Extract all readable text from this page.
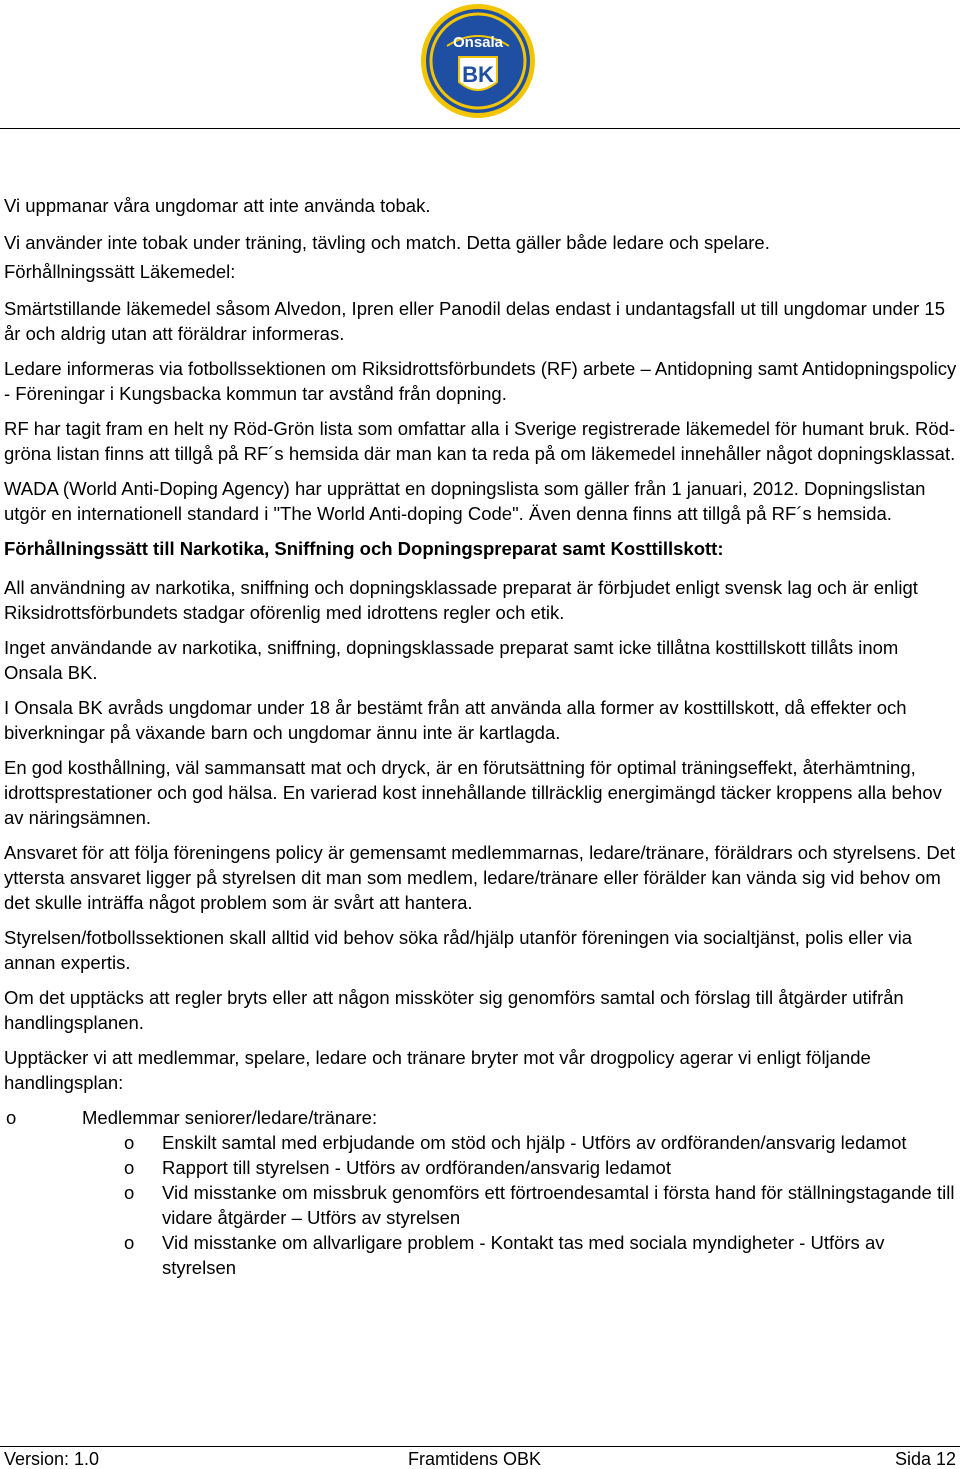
Onsala
BK

Vi uppmanar våra ungdomar att inte använda tobak.

Vi använder inte tobak under träning, tävling och match. Detta gäller både ledare och spelare.

Förhållningssätt Läkemedel:

Smärtstillande läkemedel såsom Alvedon, Ipren eller Panodil delas endast i undantagsfall ut till ungdomar under 15 år och aldrig utan att föräldrar informeras.

Ledare informeras via fotbollssektionen om Riksidrottsförbundets (RF) arbete – Antidopning samt Antidopningspolicy - Föreningar i Kungsbacka kommun tar avstånd från dopning.

RF har tagit fram en helt ny Röd-Grön lista som omfattar alla i Sverige registrerade läkemedel för humant bruk. Röd-gröna listan finns att tillgå på RF´s hemsida där man kan ta reda på om läkemedel innehåller något dopningsklassat.

WADA (World Anti-Doping Agency) har upprättat en dopningslista som gäller från 1 januari, 2012. Dopningslistan utgör en internationell standard i "The World Anti-doping Code". Även denna finns att tillgå på RF´s hemsida.

Förhållningssätt till Narkotika, Sniffning och Dopningspreparat samt Kosttillskott:

All användning av narkotika, sniffning och dopningsklassade preparat är förbjudet enligt svensk lag och är enligt Riksidrottsförbundets stadgar oförenlig med idrottens regler och etik.

Inget användande av narkotika, sniffning, dopningsklassade preparat samt icke tillåtna kosttillskott tillåts inom Onsala BK.

I Onsala BK avråds ungdomar under 18 år bestämt från att använda alla former av kosttillskott, då effekter och biverkningar på växande barn och ungdomar ännu inte är kartlagda.

En god kosthållning, väl sammansatt mat och dryck, är en förutsättning för optimal träningseffekt, återhämtning, idrottsprestationer och god hälsa. En varierad kost innehållande tillräcklig energimängd täcker kroppens alla behov av näringsämnen.

Ansvaret för att följa föreningens policy är gemensamt medlemmarnas, ledare/tränare, föräldrars och styrelsens. Det yttersta ansvaret ligger på styrelsen dit man som medlem, ledare/tränare eller förälder kan vända sig vid behov om det skulle inträffa något problem som är svårt att hantera.

Styrelsen/fotbollssektionen skall alltid vid behov söka råd/hjälp utanför föreningen via socialtjänst, polis eller via annan expertis.

Om det upptäcks att regler bryts eller att någon missköter sig genomförs samtal och förslag till åtgärder utifrån handlingsplanen.

Upptäcker vi att medlemmar, spelare, ledare och tränare bryter mot vår drogpolicy agerar vi enligt följande handlingsplan:

o	Medlemmar seniorer/ledare/tränare:
o Enskilt samtal med erbjudande om stöd och hjälp - Utförs av ordföranden/ansvarig ledamot
o Rapport till styrelsen - Utförs av ordföranden/ansvarig ledamot
o Vid misstanke om missbruk genomförs ett förtroendesamtal i första hand för ställningstagande till vidare åtgärder – Utförs av styrelsen
o Vid misstanke om allvarligare problem - Kontakt tas med sociala myndigheter - Utförs av styrelsen
Version: 1.0	Framtidens OBK	Sida 12
